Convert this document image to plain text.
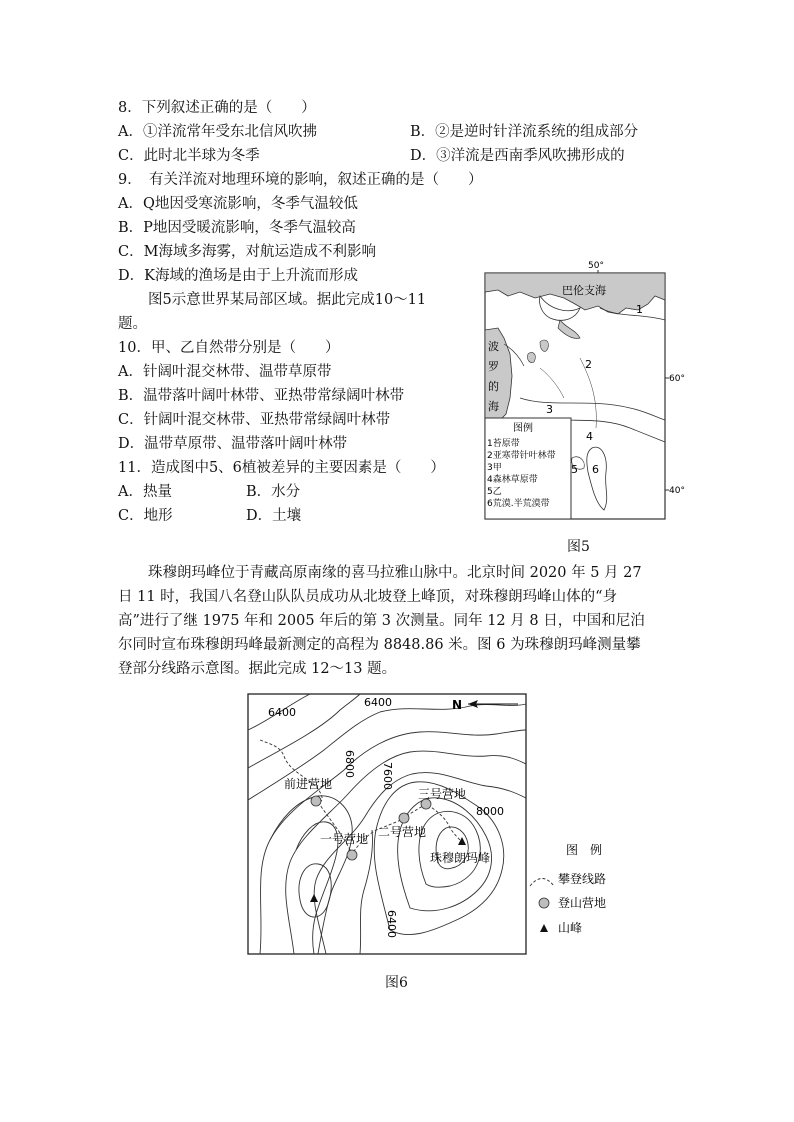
8．下列叙述正确的是（　　）
A．①洋流常年受东北信风吹拂	B．②是逆时针洋流系统的组成部分
C．此时北半球为冬季	D．③洋流是西南季风吹拂形成的
9．　有关洋流对地理环境的影响，叙述正确的是（　　）
A．Q地因受寒流影响，冬季气温较低
B．P地因受暖流影响，冬季气温较高
C．M海域多海雾，对航运造成不利影响
D．K海域的渔场是由于上升流而形成
图5示意世界某局部区域。据此完成10～11
题。
10．甲、乙自然带分别是（　　）
A．针阔叶混交林带、温带草原带
B．温带落叶阔叶林带、亚热带常绿阔叶林带
C．针阔叶混交林带、亚热带常绿阔叶林带
D．温带草原带、温带落叶阔叶林带
11．造成图中5、6植被差异的主要因素是（　　）
A．热量	B．水分
C．地形	D．土壤
50°
60°
40°
巴伦支海
波
罗
的
海
1
2
3
4
5 6
图例
1苔原带
2亚寒带针叶林带
3甲
4森林草原带
5乙
6荒漠.半荒漠带
图5
珠穆朗玛峰位于青藏高原南缘的喜马拉雅山脉中。北京时间 2020 年 5 月 27
日 11 时，我国八名登山队队员成功从北坡登上峰顶，对珠穆朗玛峰山体的“身
高”进行了继 1975 年和 2005 年后的第 3 次测量。同年 12 月 8 日，中国和尼泊
尔同时宣布珠穆朗玛峰最新测定的高程为 8848.86 米。图 6 为珠穆朗玛峰测量攀
登部分线路示意图。据此完成 12～13 题。
N
6400
6400
6800 7600
8000
6400
前进营地
一号营地 二号营地
三号营地
珠穆朗玛峰
图　例
攀登线路
登山营地
山峰
图6
